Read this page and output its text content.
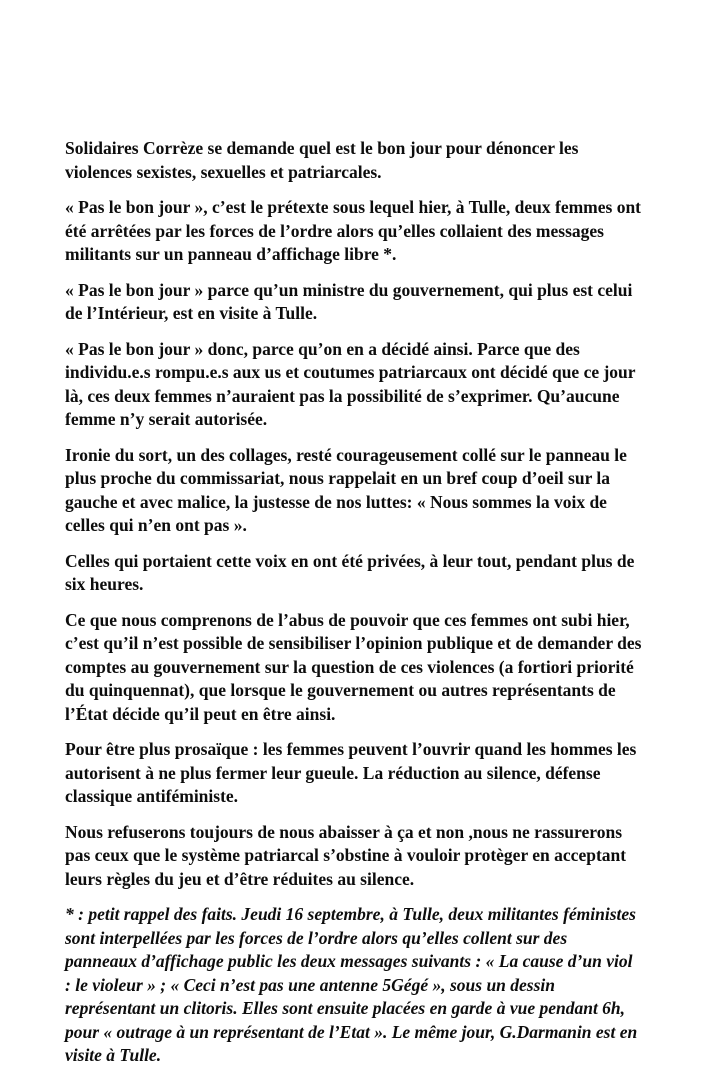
Solidaires Corrèze se demande quel est le bon jour pour dénoncer les violences sexistes, sexuelles et patriarcales.

« Pas le bon jour », c’est le prétexte sous lequel hier, à Tulle, deux femmes ont été arrêtées par les forces de l’ordre alors qu’elles collaient des messages militants sur un panneau d’affichage libre *.

« Pas le bon jour » parce qu’un ministre du gouvernement, qui plus est celui de l’Intérieur, est en visite à Tulle.

« Pas le bon jour » donc, parce qu’on en a décidé ainsi. Parce que des individu.e.s rompu.e.s aux us et coutumes patriarcaux ont décidé que ce jour là, ces deux femmes n’auraient pas la possibilité de s’exprimer. Qu’aucune femme n’y serait autorisée.

Ironie du sort, un des collages, resté courageusement collé sur le panneau le plus proche du commissariat, nous rappelait en un bref coup d’oeil sur la gauche et avec malice, la justesse de nos luttes: « Nous sommes la voix de celles qui n’en ont pas ».

Celles qui portaient cette voix en ont été privées, à leur tout, pendant plus de six heures.

Ce que nous comprenons de l’abus de pouvoir que ces femmes ont subi hier, c’est qu’il n’est possible de sensibiliser l’opinion publique et de demander des comptes au gouvernement sur la question de ces violences (a fortiori priorité du quinquennat), que lorsque le gouvernement ou autres représentants de l’État décide qu’il peut en être ainsi.

Pour être plus prosaïque : les femmes peuvent l’ouvrir quand les hommes les autorisent à ne plus fermer leur gueule. La réduction au silence, défense classique antiféministe.

Nous refuserons toujours de nous abaisser à ça et non ,nous ne rassurerons pas ceux que le système patriarcal s’obstine à vouloir protèger en acceptant leurs règles du jeu et d’être réduites au silence.

* : petit rappel des faits. Jeudi 16 septembre, à Tulle, deux militantes féministes sont interpellées par les forces de l’ordre alors qu’elles collent sur des panneaux d’affichage public les deux messages suivants : « La cause d’un viol : le violeur » ; « Ceci n’est pas une antenne 5Gégé », sous un dessin représentant un clitoris. Elles sont ensuite placées en garde à vue pendant 6h, pour « outrage à un représentant de l’Etat ». Le même jour, G.Darmanin est en visite à Tulle.
